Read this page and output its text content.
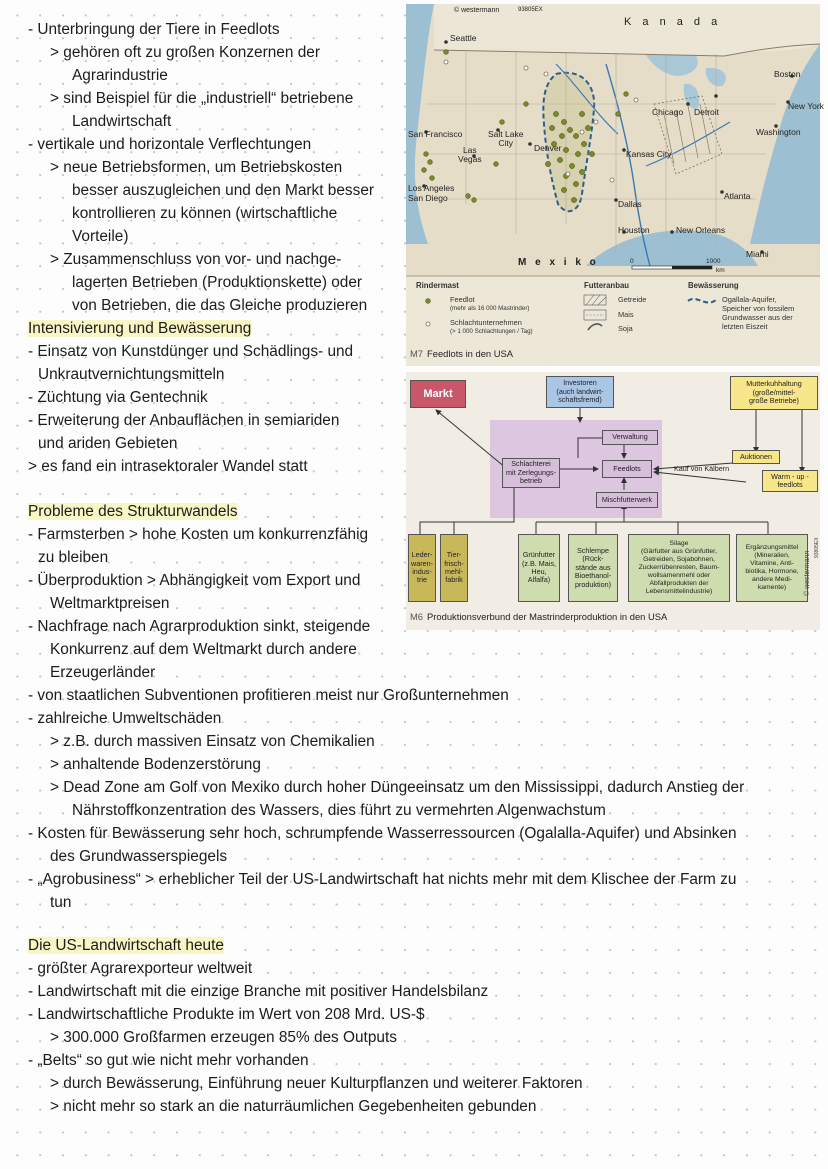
- Unterbringung der Tiere in Feedlots
> gehören oft zu großen Konzernen der
Agrarindustrie
> sind Beispiel für die „industriell“ betriebene
Landwirtschaft
- vertikale und horizontale Verflechtungen
> neue Betriebsformen, um Betriebskosten
besser auszugleichen und den Markt besser
kontrollieren zu können (wirtschaftliche
Vorteile)
> Zusammenschluss von vor- und nachge-
lagerten Betrieben (Produktionskette) oder
von Betrieben, die das Gleiche produzieren
Intensivierung und Bewässerung
- Einsatz von Kunstdünger und Schädlings- und
Unkrautvernichtungsmitteln
- Züchtung via Gentechnik
- Erweiterung der Anbauflächen in semiariden
und ariden Gebieten
> es fand ein intrasektoraler Wandel statt
Probleme des Strukturwandels
- Farmsterben > hohe Kosten um konkurrenzfähig
zu bleiben
- Überproduktion > Abhängigkeit vom Export und
Weltmarktpreisen
- Nachfrage nach Agrarproduktion sinkt, steigende
Konkurrenz auf dem Weltmarkt durch andere
Erzeugerländer
- von staatlichen Subventionen profitieren meist nur Großunternehmen
- zahlreiche Umweltschäden
> z.B. durch massiven Einsatz von Chemikalien
> anhaltende Bodenzerstörung
> Dead Zone am Golf von Mexiko durch hoher Düngeeinsatz um den Mississippi, dadurch Anstieg der
Nährstoffkonzentration des Wassers, dies führt zu vermehrten Algenwachstum
- Kosten für Bewässerung sehr hoch, schrumpfende Wasserressourcen (Ogalalla-Aquifer) und Absinken
des Grundwasserspiegels
- „Agrobusiness“ > erheblicher Teil der US-Landwirtschaft hat nichts mehr mit dem Klischee der Farm zu
tun
Die US-Landwirtschaft heute
- größter Agrarexporteur weltweit
- Landwirtschaft mit die einzige Branche mit positiver Handelsbilanz
- Landwirtschaftliche Produkte im Wert von 208 Mrd. US-$
> 300.000 Großfarmen erzeugen 85% des Outputs
- „Belts“ so gut wie nicht mehr vorhanden
> durch Bewässerung, Einführung neuer Kulturpflanzen und weiterer Faktoren
> nicht mehr so stark an die naturräumlichen Gegebenheiten gebunden
© westermann	93805EX
K a n a d a
M e x i k o
Seattle
Boston
New York
Washington
Chicago Detroit
San Francisco	Salt Lake
City	Denver
Las
Vegas	Kansas City
Los Angeles
San Diego
Dallas
Atlanta
Houston	New Orleans
Miami
0	1000
km
Rindermast
Feedlot
(mehr als 16 000 Mastrinder)
Schlachtunternehmen
(> 1 000 Schlachtungen / Tag)
Futteranbau
Getreide
Mais
Soja
Bewässerung
Ogallala-Aquifer,
Speicher von fossilem
Grundwasser aus der
letzten Eiszeit
M7 Feedlots in den USA
Markt
Investoren
(auch landwirt-
schaftsfremd)
Mutterkuhhaltung
(große/mittel-
große Betriebe)
Verwaltung
Schlachterei
mit Zerlegungs-
betrieb
Feedlots
Auktionen
Kauf von Kälbern
Warm - up -
feedlots
Mischfutterwerk
Leder-
waren-
indus-
trie
Tier-
frisch-
mehl-
fabrik
Grünfutter
(z.B. Mais,
Heu,
Alfalfa)
Schlempe
(Rück-
stände aus
Bioethanol-
produktion)
Silage
(Gärfutter aus Grünfutter,
Getreiden, Sojabohnen,
Zuckerrübenresten, Baum-
wollsamenmehl oder
Abfallprodukten der
Lebensmittelindustrie)
Ergänzungsmittel
(Mineralien,
Vitamine, Anti-
biotika, Hormone,
andere Medi-
kamente)	© westermann
93805EX
M6 Produktionsverbund der Mastrinderproduktion in den USA
